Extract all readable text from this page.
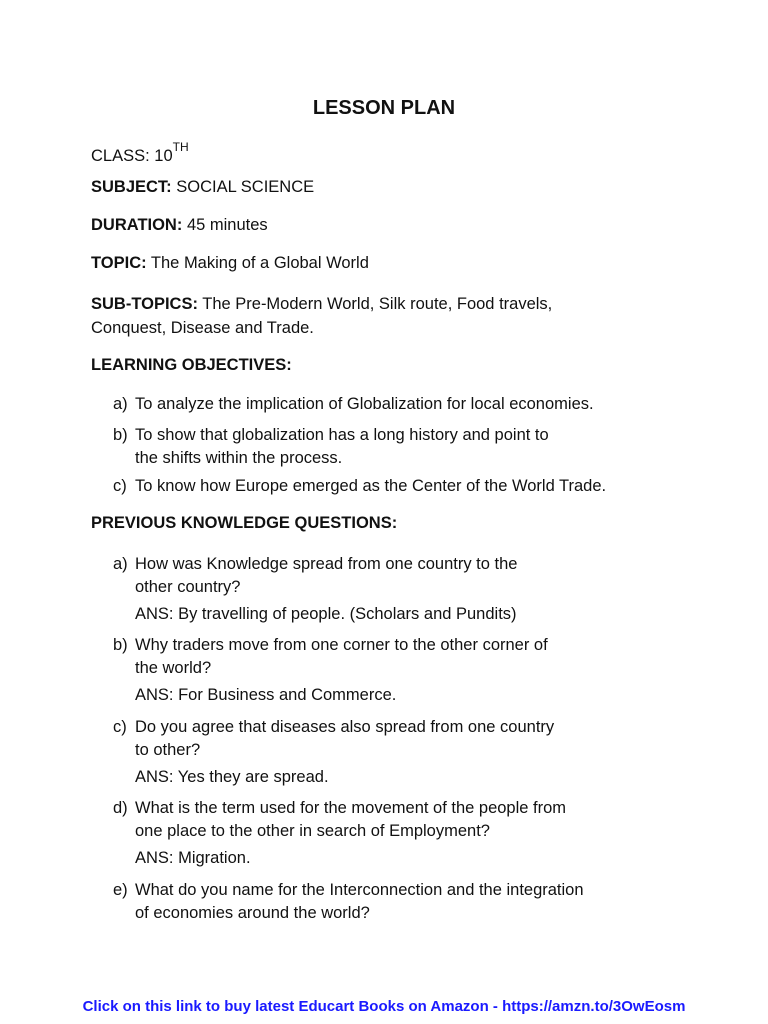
LESSON PLAN
CLASS: 10TH
SUBJECT: SOCIAL SCIENCE
DURATION: 45 minutes
TOPIC: The Making of a Global World
SUB-TOPICS: The Pre-Modern World, Silk route, Food travels,
Conquest, Disease and Trade.
LEARNING OBJECTIVES:
a) To analyze the implication of Globalization for local economies.
b) To show that globalization has a long history and point to
the shifts within the process.
c) To know how Europe emerged as the Center of the World Trade.
PREVIOUS KNOWLEDGE QUESTIONS:
a) How was Knowledge spread from one country to the
other country?
ANS: By travelling of people. (Scholars and Pundits)
b) Why traders move from one corner to the other corner of
the world?
ANS: For Business and Commerce.
c) Do you agree that diseases also spread from one country
to other?
ANS: Yes they are spread.
d) What is the term used for the movement of the people from
one place to the other in search of Employment?
ANS: Migration.
e) What do you name for the Interconnection and the integration
of economies around the world?
Click on this link to buy latest Educart Books on Amazon - https://amzn.to/3OwEosm
